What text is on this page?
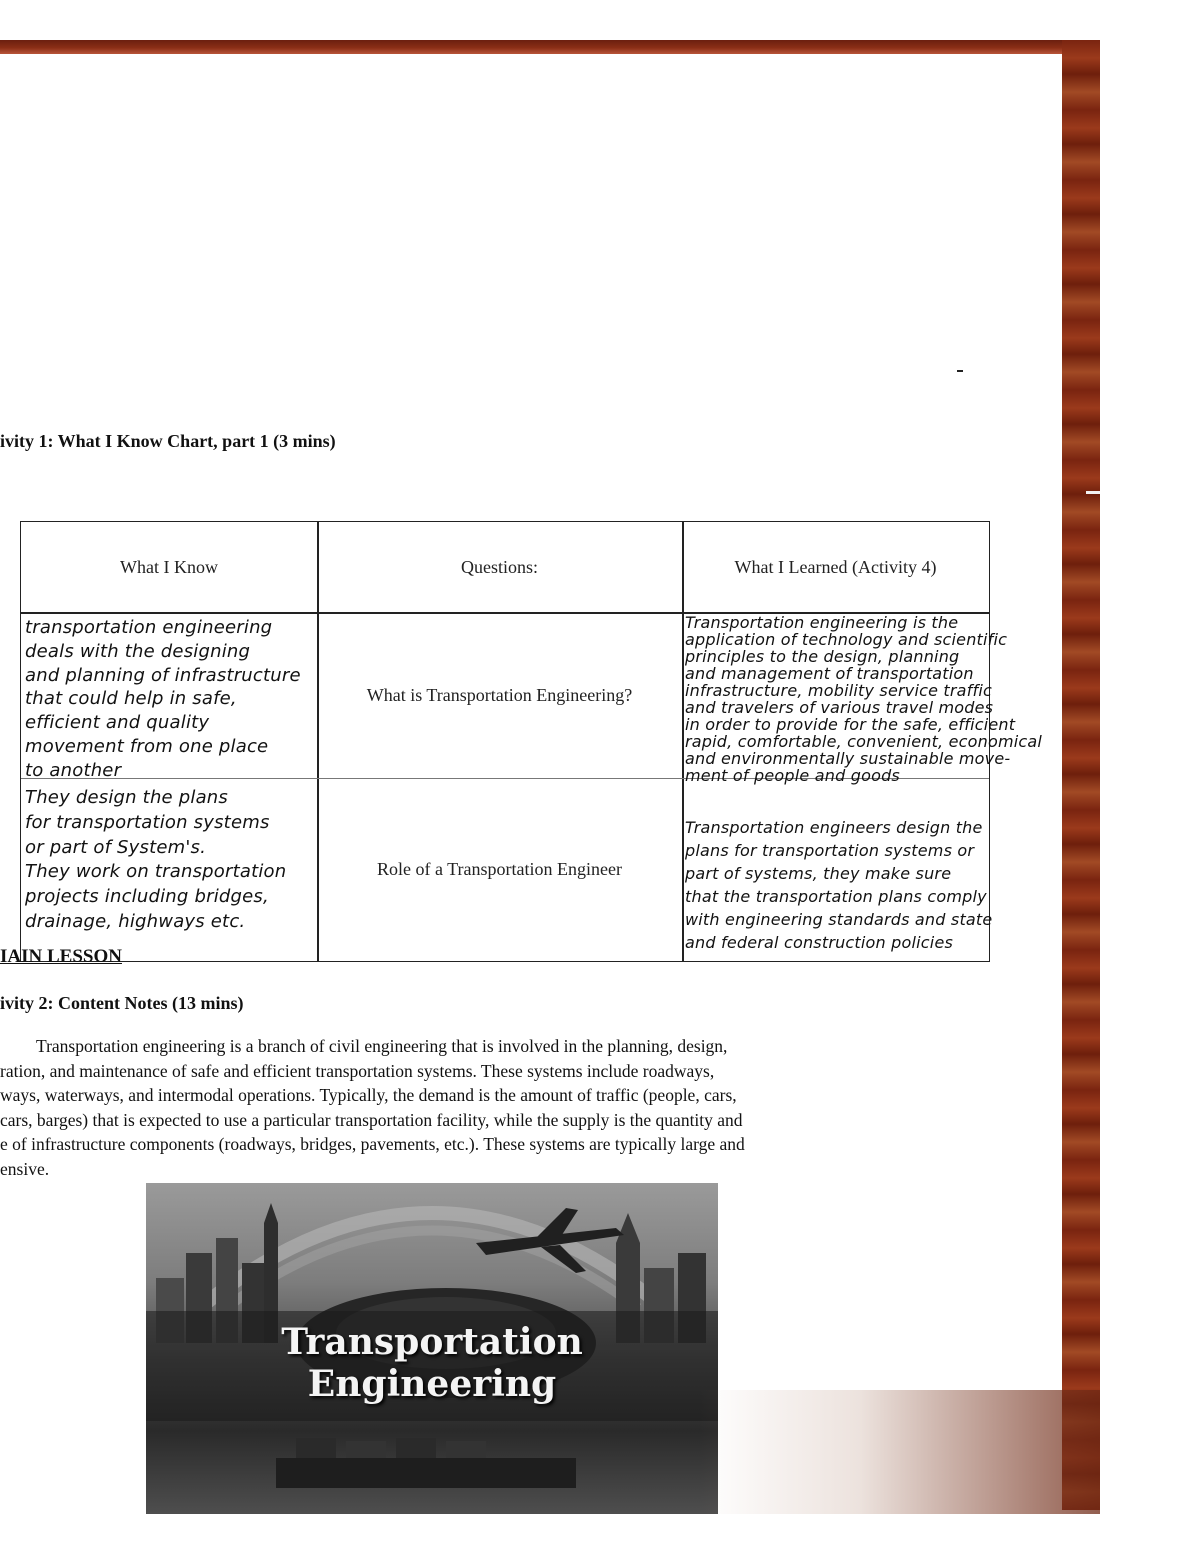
ivity 1: What I Know Chart, part 1 (3 mins)
What I Know	Questions:	What I Learned (Activity 4)
transportation engineering
deals with the designing
and planning of infrastructure
that could help in safe,
efficient and quality
movement from one place
to another
What is Transportation Engineering?
Transportation engineering is the
application of technology and scientific
principles to the design, planning
and management of transportation
infrastructure, mobility service traffic
and travelers of various travel modes
in order to provide for the safe, efficient
rapid, comfortable, convenient, economical
and environmentally sustainable move-
ment of people and goods
They design the plans
for transportation systems
or part of System's.
They work on transportation
projects including bridges,
drainage, highways etc.
Role of a Transportation Engineer
Transportation engineers design the
plans for transportation systems or
part of systems, they make sure
that the transportation plans comply
with engineering standards and state
and federal construction policies
IAIN LESSON
ivity 2: Content Notes (13 mins)
Transportation engineering is a branch of civil engineering that is involved in the planning, design,
ration, and maintenance of safe and efficient transportation systems. These systems include roadways,
ways, waterways, and intermodal operations. Typically, the demand is the amount of traffic (people, cars,
cars, barges) that is expected to use a particular transportation facility, while the supply is the quantity and
e of infrastructure components (roadways, bridges, pavements, etc.). These systems are typically large and
ensive.
Transportation
Engineering
